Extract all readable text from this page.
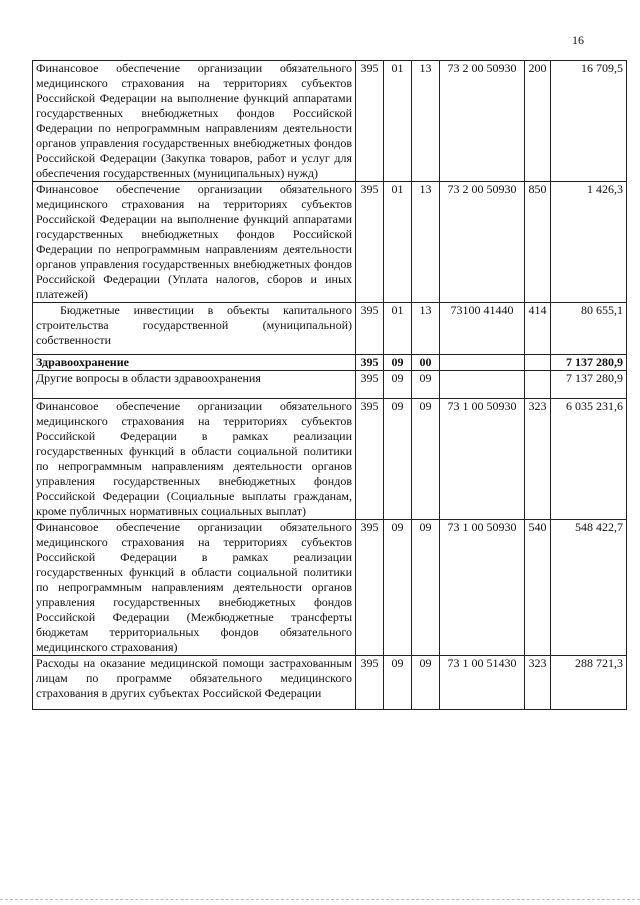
16
Финансовое обеспечение организации обязательного медицинского страхования на территориях субъектов Российской Федерации на выполнение функций аппаратами государственных внебюджетных фондов Российской Федерации по непрограммным направлениям деятельности органов управления государственных внебюджетных фондов Российской Федерации (Закупка товаров, работ и услуг для обеспечения государственных (муниципальных) нужд)	395	01	13	73 2 00 50930	200	16 709,5
Финансовое обеспечение организации обязательного медицинского страхования на территориях субъектов Российской Федерации на выполнение функций аппаратами государственных внебюджетных фондов Российской Федерации по непрограммным направлениям деятельности органов управления государственных внебюджетных фондов Российской Федерации (Уплата налогов, сборов и иных платежей)	395	01	13	73 2 00 50930	850	1 426,3
Бюджетные инвестиции в объекты капитального строительства государственной (муниципальной) собственности	395	01	13	73100 41440	414	80 655,1
Здравоохранение	395	09	00			7 137 280,9
Другие вопросы в области здравоохранения	395	09	09			7 137 280,9
Финансовое обеспечение организации обязательного медицинского страхования на территориях субъектов Российской Федерации в рамках реализации государственных функций в области социальной политики по непрограммным направлениям деятельности органов управления государственных внебюджетных фондов Российской Федерации (Социальные выплаты гражданам, кроме публичных нормативных социальных выплат)	395	09	09	73 1 00 50930	323	6 035 231,6
Финансовое обеспечение организации обязательного медицинского страхования на территориях субъектов Российской Федерации в рамках реализации государственных функций в области социальной политики по непрограммным направлениям деятельности органов управления государственных внебюджетных фондов Российской Федерации (Межбюджетные трансферты бюджетам территориальных фондов обязательного медицинского страхования)	395	09	09	73 1 00 50930	540	548 422,7
Расходы на оказание медицинской помощи застрахованным лицам по программе обязательного медицинского страхования в других субъектах Российской Федерации	395	09	09	73 1 00 51430	323	288 721,3
